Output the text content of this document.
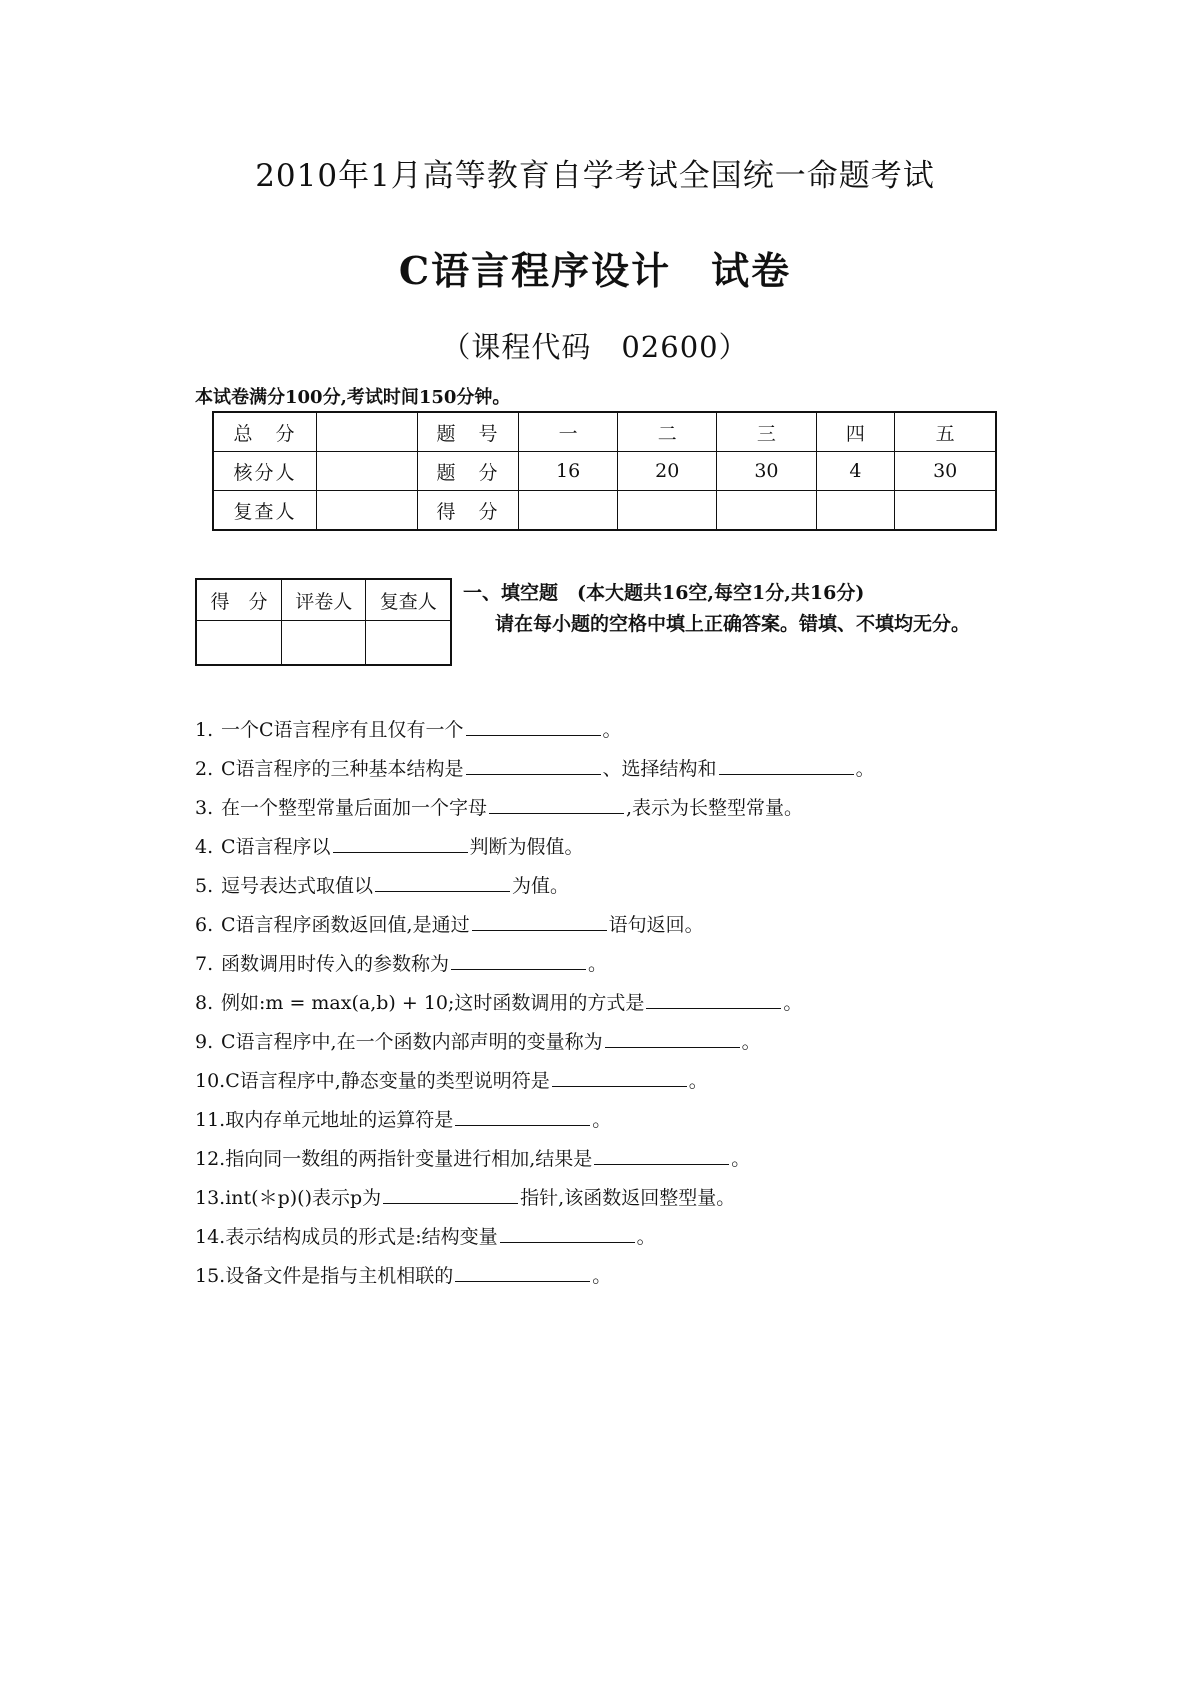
2010年1月高等教育自学考试全国统一命题考试
C语言程序设计　试卷
（课程代码　02600）
本试卷满分100分,考试时间150分钟。
总　分		题　号	一	二	三	四	五
核分人		题　分	16	20	30	4	30
复查人		得　分					
得　分	评卷人	复查人
		一、填空题　(本大题共16空,每空1分,共16分)
请在每小题的空格中填上正确答案。错填、不填均无分。
1.一个C语言程序有且仅有一个	。
2.C语言程序的三种基本结构是	、选择结构和	。
3.在一个整型常量后面加一个字母	,表示为长整型常量。
4.C语言程序以	判断为假值。
5.逗号表达式取值以	为值。
6.C语言程序函数返回值,是通过	语句返回。
7.函数调用时传入的参数称为	。
8.例如:m = max(a,b) + 10;这时函数调用的方式是	。
9.C语言程序中,在一个函数内部声明的变量称为	。
10.C语言程序中,静态变量的类型说明符是	。
11.取内存单元地址的运算符是	。
12.指向同一数组的两指针变量进行相加,结果是	。
13.int(＊p)()表示p为	指针,该函数返回整型量。
14.表示结构成员的形式是:结构变量	。
15.设备文件是指与主机相联的	。
